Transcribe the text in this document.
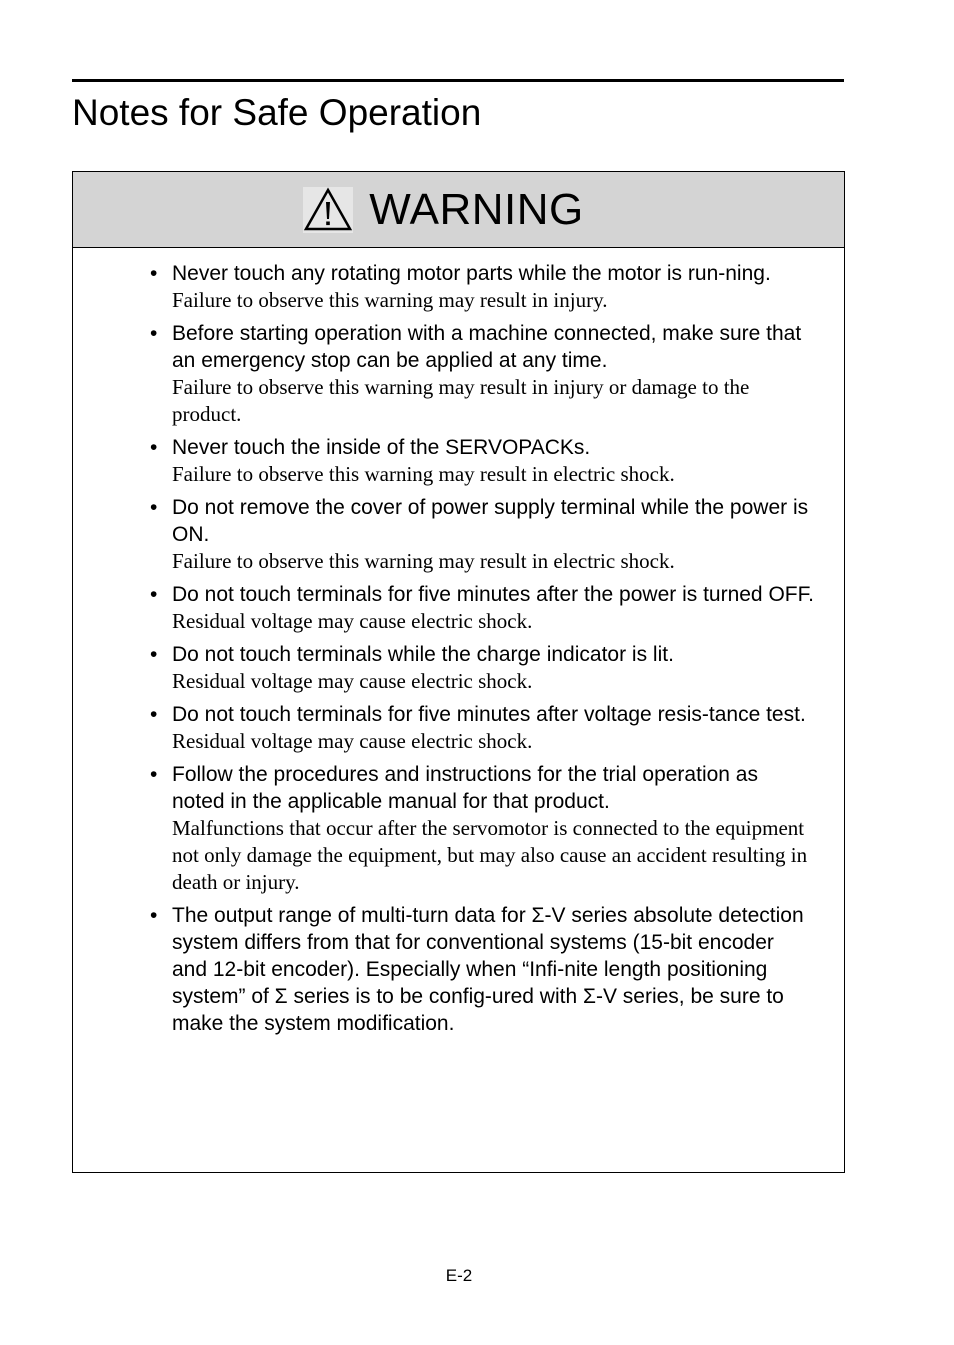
Notes for Safe Operation
WARNING
• Never touch any rotating motor parts while the motor is run-ning.
Failure to observe this warning may result in injury.
• Before starting operation with a machine connected, make sure that an emergency stop can be applied at any time.
Failure to observe this warning may result in injury or damage to the product.
• Never touch the inside of the SERVOPACKs.
Failure to observe this warning may result in electric shock.
• Do not remove the cover of power supply terminal while the power is ON.
Failure to observe this warning may result in electric shock.
• Do not touch terminals for five minutes after the power is turned OFF.
Residual voltage may cause electric shock.
• Do not touch terminals while the charge indicator is lit.
Residual voltage may cause electric shock.
• Do not touch terminals for five minutes after voltage resis-tance test.
Residual voltage may cause electric shock.
• Follow the procedures and instructions for the trial operation as noted in the applicable manual for that product.
Malfunctions that occur after the servomotor is connected to the equipment not only damage the equipment, but may also cause an accident resulting in death or injury.
• The output range of multi-turn data for Σ-V series absolute detection system differs from that for conventional systems (15-bit encoder and 12-bit encoder). Especially when “Infi-nite length positioning system” of Σ series is to be config-ured with Σ-V series, be sure to make the system modification.
E-2
